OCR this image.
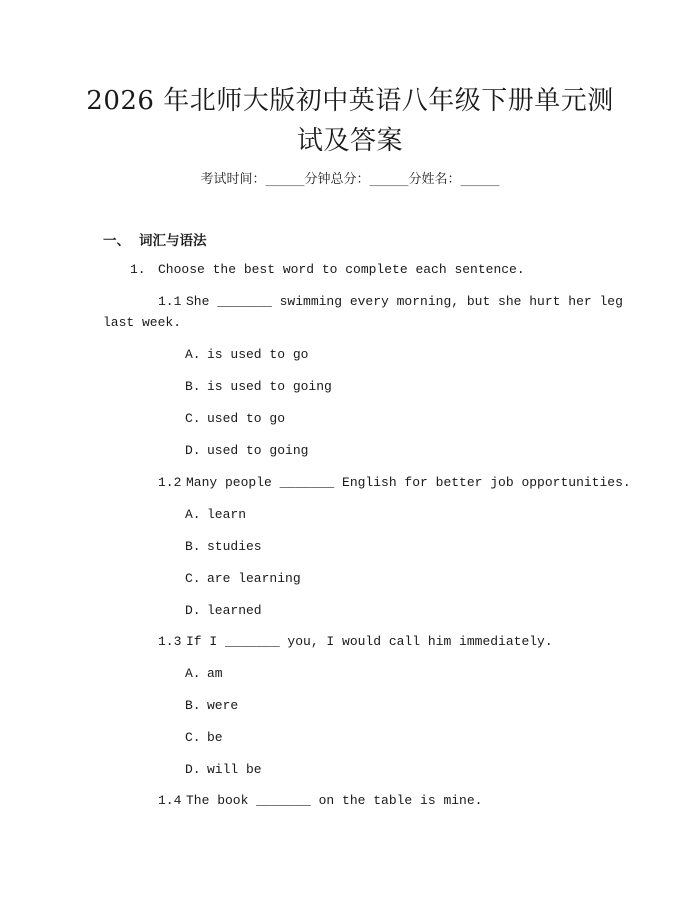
2026 年北师大版初中英语八年级下册单元测
试及答案
考试时间：______分钟总分：______分姓名：______
一、 词汇与语法
1. Choose the best word to complete each sentence.
1.1 She _______ swimming every morning, but she hurt her leg
last week.
A. is used to go
B. is used to going
C. used to go
D. used to going
1.2 Many people _______ English for better job opportunities.
A. learn
B. studies
C. are learning
D. learned
1.3 If I _______ you, I would call him immediately.
A. am
B. were
C. be
D. will be
1.4 The book _______ on the table is mine.
